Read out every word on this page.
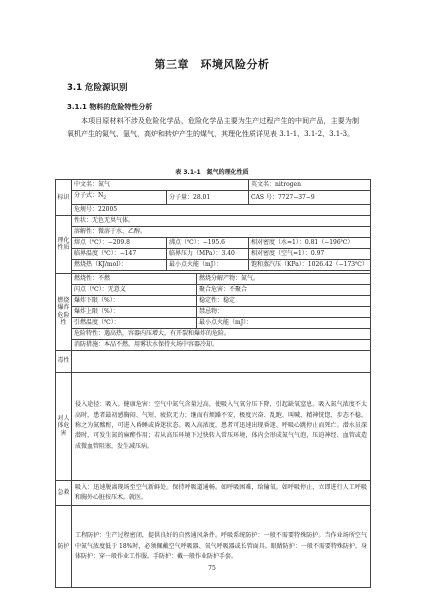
第三章　环境风险分析
3.1 危险源识别
3.1.1 物料的危险特性分析
本项目原材料不涉及危险化学品，危险化学品主要为生产过程产生的中间产品，主要为制氧机产生的氮气、氩气，高炉和转炉产生的煤气，其理化性质详见表 3.1-1、3.1-2、3.1-3。
表 3.1-1　氮气的理化性质
标识	中文名：氮气			英文名：nitrogen
	分子式：$N_2$	分子量：28.01		CAS 号：7727−37−9
	危规号：22005			
理化性质	性状：无色无臭气体。			
	溶解性：微溶于水、乙醇。			
	熔点（℃）：−209.8	沸点（℃）：−195.6		相对密度（水=1）：0.81（−196℃）
	临界温度（℃）：−147	临界压力（MPa）：3.40		相对密度（空气=1）：0.97
	燃烧热（KJ/mol）：	最小点火能（mJ）：		饱和蒸汽压（KPa）：1026.42（−173℃）

燃烧爆炸危险性	燃烧性：不燃		燃烧分解产物：氮气。	
	闪点（℃）：无意义		聚合危害：不聚合	
	爆炸下限（%）：		稳定性：稳定	
	爆炸上限（%）：		禁忌物：	
	引燃温度（℃）：		最小点火能（mJ）：	
	危险特性：遇高热，容器内压增大，有开裂和爆炸的危险。			
	消防措施：本品不燃。用雾状水保持火场中容器冷却。			
毒性				
对人体危害	侵入途径：吸入。健康危害：空气中氮气含量过高，使吸入气氧分压下降，引起缺氧窒息。吸入氮气浓度不太高时，患者最初感胸闷、气短、疲软无力；继而有烦躁不安、极度兴奋、乱跑、叫喊、精神恍惚、步态不稳，称之为氮酩酊，可进入昏睡或昏迷状态。吸入高浓度，患者可迅速出现昏迷、呼吸心跳停止而死亡。潜水员深潜时，可发生氮的麻醉作用；若从高压环境下过快转入常压环境，体内会形成氮气气泡，压迫神经、血管或造成微血管阻塞，发生减压病。			
急救	吸入：迅速脱离现场至空气新鲜处。保持呼吸道通畅。如呼吸困难，给输氧。如呼吸停止，立即进行人工呼吸和胸外心脏按压术。就医。			
防护	工程防护：生产过程密闭，提供良好的自然通风条件。呼吸系统防护：一般不需要特殊防护。当作业场所空气中氮气浓度低于 18%时，必须佩戴空气呼吸器、氧气呼吸器或长管面具。眼睛防护：一般不需要特殊防护。身体防护：穿一般作业工作服。手防护：戴一般作业防护手套。			
75
